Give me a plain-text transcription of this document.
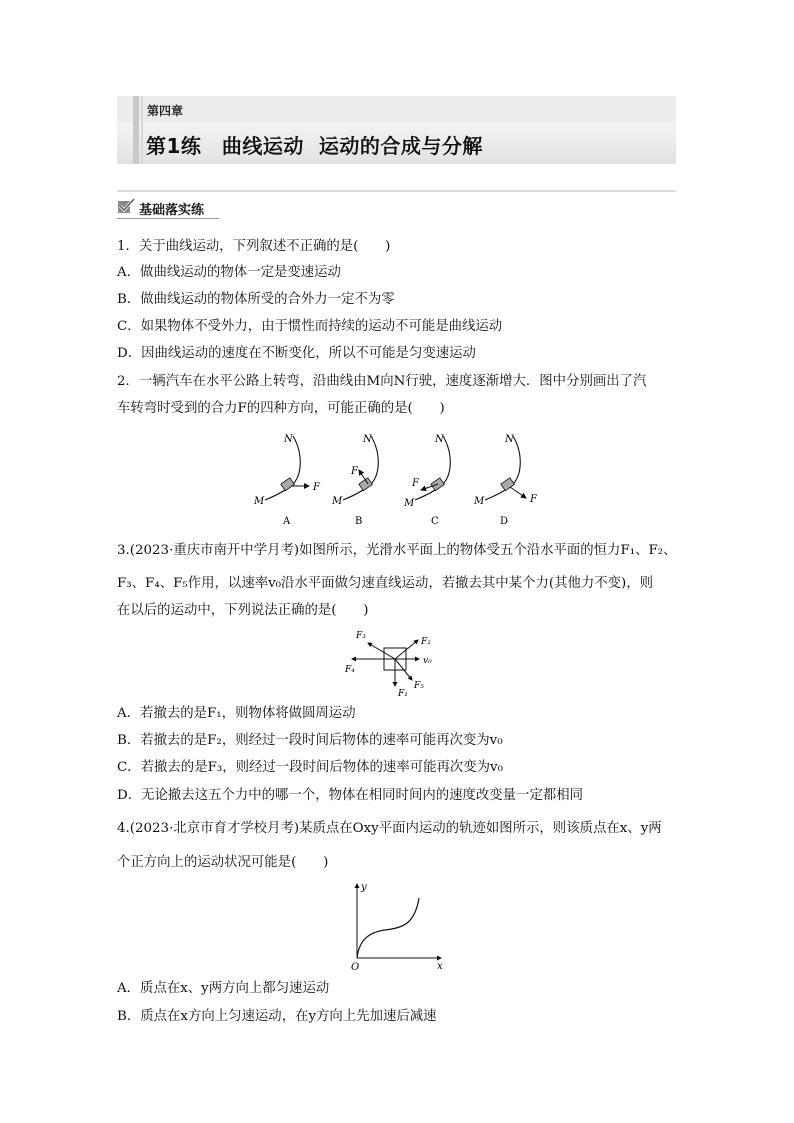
第四章
第1练　曲线运动  运动的合成与分解
基础落实练
1．关于曲线运动，下列叙述不正确的是(　　)
A．做曲线运动的物体一定是变速运动
B．做曲线运动的物体所受的合外力一定不为零
C．如果物体不受外力，由于惯性而持续的运动不可能是曲线运动
D．因曲线运动的速度在不断变化，所以不可能是匀变速运动
2．一辆汽车在水平公路上转弯，沿曲线由M向N行驶，速度逐渐增大．图中分别画出了汽
车转弯时受到的合力F的四种方向，可能正确的是(　　)
N
M
F
A
N
M
F
B
N
M
F
C
N
M	F
D
3.(2023·重庆市南开中学月考)如图所示，光滑水平面上的物体受五个沿水平面的恒力F₁、F₂、
F₃、F₄、F₅作用，以速率v₀沿水平面做匀速直线运动，若撤去其中某个力(其他力不变)，则
在以后的运动中，下列说法正确的是(　　)
F₃
F₂
v₀
F₄
F₅
F₁
A．若撤去的是F₁，则物体将做圆周运动
B．若撤去的是F₂，则经过一段时间后物体的速率可能再次变为v₀
C．若撤去的是F₃，则经过一段时间后物体的速率可能再次变为v₀
D．无论撤去这五个力中的哪一个，物体在相同时间内的速度改变量一定都相同
4.(2023·北京市育才学校月考)某质点在Oxy平面内运动的轨迹如图所示，则该质点在x、y两
个正方向上的运动状况可能是(　　)
y
x
O
A．质点在x、y两方向上都匀速运动
B．质点在x方向上匀速运动，在y方向上先加速后减速
